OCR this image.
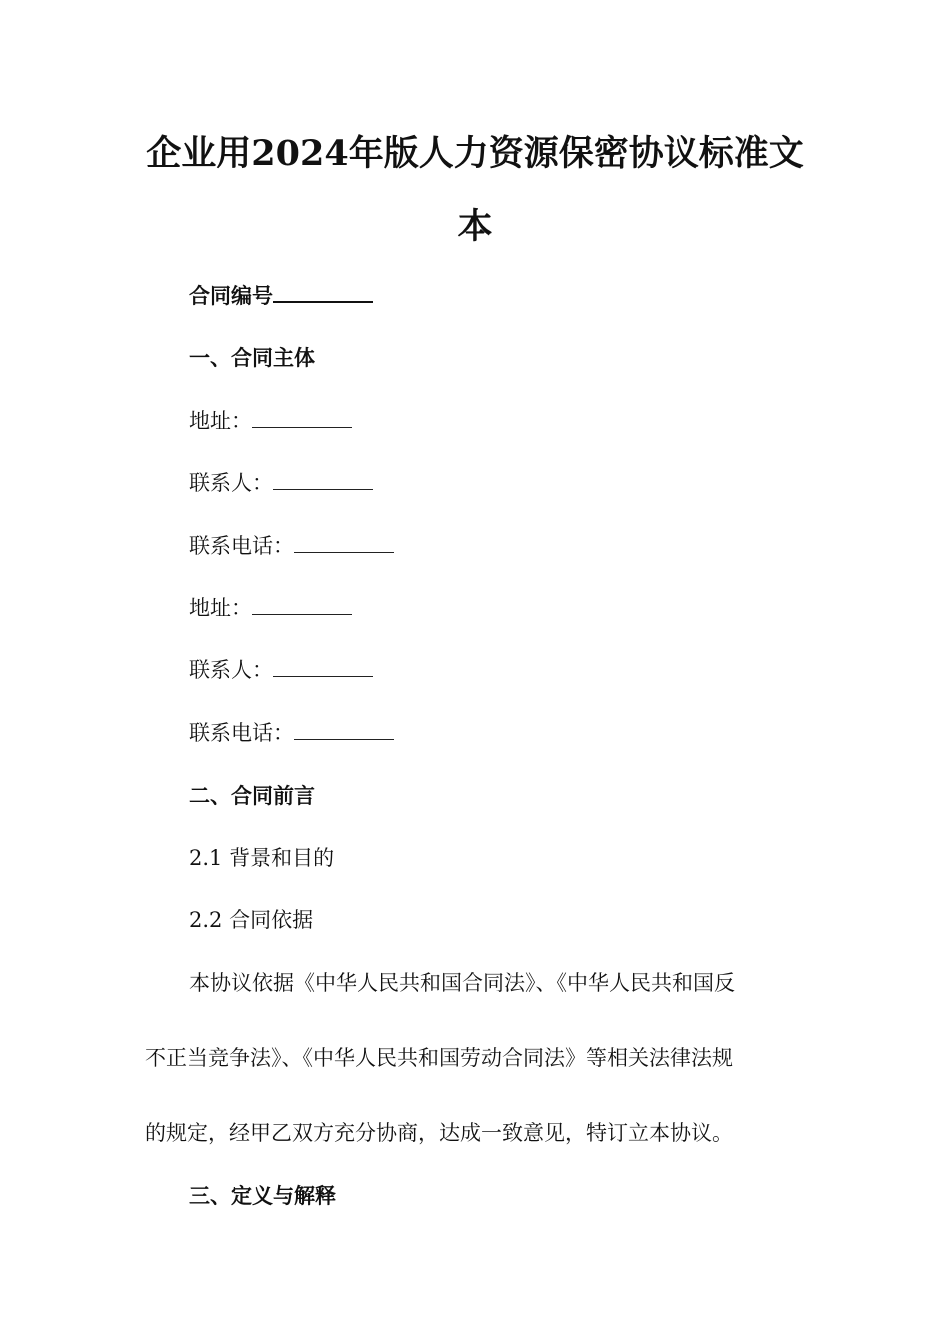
企业用2024年版人力资源保密协议标准文
本
合同编号
一、合同主体
地址：
联系人：
联系电话：
地址：
联系人：
联系电话：
二、合同前言
2.1 背景和目的
2.2 合同依据
本协议依据《中华人民共和国合同法》、《中华人民共和国反
不正当竞争法》、《中华人民共和国劳动合同法》等相关法律法规
的规定，经甲乙双方充分协商，达成一致意见，特订立本协议。
三、定义与解释
